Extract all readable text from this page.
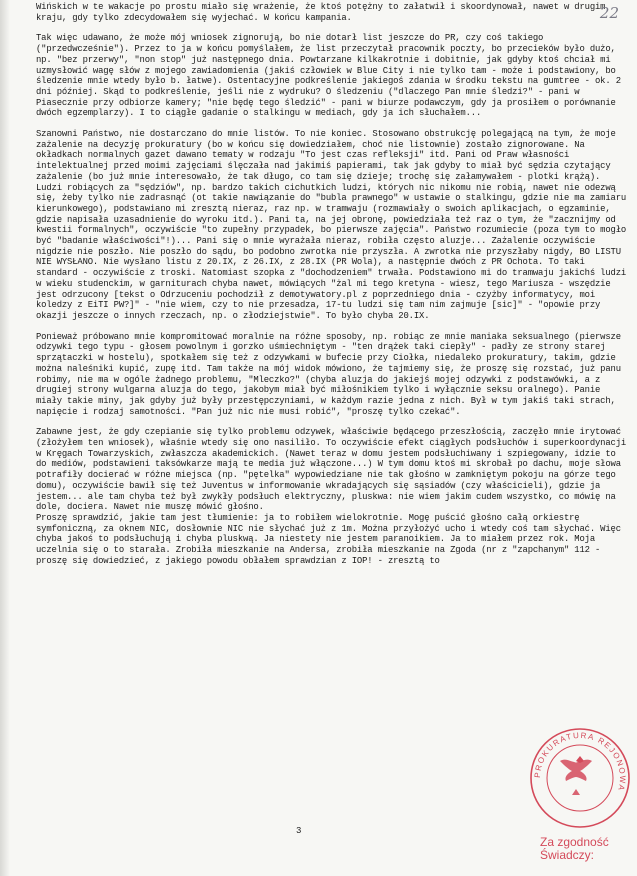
22

Wińskich w te wakacje po prostu miało się wrażenie, że ktoś potężny to załatwił i skoordynował, nawet w drugim kraju, gdy tylko zdecydowałem się wyjechać. W końcu kampania.

Tak więc udawano, że może mój wniosek zignorują, bo nie dotarł list jeszcze do PR, czy coś takiego ("przedwcześnie"). Przez to ja w końcu pomyślałem, że list przeczytał pracownik poczty, bo przecieków było dużo, np. "bez przerwy", "non stop" już następnego dnia. Powtarzane kilkakrotnie i dobitnie, jak gdyby ktoś chciał mi uzmysłowić wagę słów z mojego zawiadomienia (jakiś człowiek w Blue City i nie tylko tam - może i podstawiony, bo śledzenie mnie wtedy było b. łatwe). Ostentacyjne podkreślenie jakiegoś zdania w środku tekstu na gumtree - ok. 2 dni później. Skąd to podkreślenie, jeśli nie z wydruku? O śledzeniu ("dlaczego Pan mnie śledzi?" - pani w Piasecznie przy odbiorze kamery; "nie będę tego śledzić" - pani w biurze podawczym, gdy ja prosiłem o porównanie dwóch egzemplarzy). I to ciągłe gadanie o stalkingu w mediach, gdy ja ich słuchałem...

Szanowni Państwo, nie dostarczano do mnie listów. To nie koniec. Stosowano obstrukcję polegającą na tym, że moje zażalenie na decyzję prokuratury (bo w końcu się dowiedziałem, choć nie listownie) zostało zignorowane. Na okładkach normalnych gazet dawano tematy w rodzaju "To jest czas refleksji" itd. Pani od Praw własności intelektualnej przed moimi zajęciami ślęczała nad jakimiś papierami, tak jak gdyby to miał być sędzia czytający zażalenie (bo już mnie interesowało, że tak długo, co tam się dzieje; trochę się załamywałem - plotki krążą). Ludzi robiących za "sędziów", np. bardzo takich cichutkich ludzi, których nic nikomu nie robią, nawet nie odezwą się, żeby tylko nie zadrasnąć (ot takie nawiązanie do "bubla prawnego" w ustawie o stalkingu, gdzie nie ma zamiaru kierunkowego), podstawiano mi zresztą nieraz, raz np. w tramwaju (rozmawiały o swoich aplikacjach, o egzaminie, gdzie napisała uzasadnienie do wyroku itd.). Pani ta, na jej obronę, powiedziała też raz o tym, że "zacznijmy od kwestii formalnych", oczywiście "to zupełny przypadek, bo pierwsze zajęcia". Państwo rozumiecie (poza tym to mogło być "badanie właściwości"!)... Pani się o mnie wyrażała nieraz, robiła często aluzje... Zażalenie oczywiście nigdzie nie poszło. Nie poszło do sądu, bo podobno zwrotka nie przyszła. A zwrotka nie przyszłaby nigdy, BO LISTU NIE WYSŁANO. Nie wysłano listu z 20.IX, z 26.IX, z 28.IX (PR Wola), a następnie dwóch z PR Ochota. To taki standard - oczywiście z troski. Natomiast szopka z "dochodzeniem" trwała. Podstawiono mi do tramwaju jakichś ludzi w wieku studenckim, w garniturach chyba nawet, mówiących "żal mi tego kretyna - wiesz, tego Mariusza - wszędzie jest odrzucony [tekst o Odrzuceniu pochodził z demotywatory.pl z poprzedniego dnia - czyżby informatycy, moi koledzy z EiTI PW?]" - "nie wiem, czy to nie przesadza, 17-tu ludzi się tam nim zajmuje [sic]" - "opowie przy okazji jeszcze o innych rzeczach, np. o złodziejstwie". To było chyba 20.IX.

Ponieważ próbowano mnie kompromitować moralnie na różne sposoby, np. robiąc ze mnie maniaka seksualnego (pierwsze odzywki tego typu - głosem powolnym i gorzko uśmiechniętym - "ten drążek taki ciepły" - padły ze strony starej sprzątaczki w hostelu), spotkałem się też z odzywkami w bufecie przy Ciołka, niedaleko prokuratury, takim, gdzie można naleśniki kupić, zupę itd. Tam także na mój widok mówiono, że tajmiemy się, że proszę się rozstać, już panu robimy, nie ma w ogóle żadnego problemu, "Mleczko?" (chyba aluzja do jakiejś mojej odzywki z podstawówki, a z drugiej strony wulgarna aluzja do tego, jakobym miał być miłośnikiem tylko i wyłącznie seksu oralnego). Panie miały takie miny, jak gdyby już były przestępczyniami, w każdym razie jedna z nich. Był w tym jakiś taki strach, napięcie i rodzaj samotności. "Pan już nic nie musi robić", "proszę tylko czekać".

Zabawne jest, że gdy czepianie się tylko problemu odzywek, właściwie będącego przeszłością, zaczęło mnie irytować (złożyłem ten wniosek), właśnie wtedy się ono nasiliło. To oczywiście efekt ciągłych podsłuchów i superkoordynacji w Kręgach Towarzyskich, zwłaszcza akademickich. (Nawet teraz w domu jestem podsłuchiwany i szpiegowany, idzie to do mediów, podstawieni taksówkarze mają te media już włączone...) W tym domu ktoś mi skrobał po dachu, moje słowa potrafiły docierać w różne miejsca (np. "pętelka" wypowiedziane nie tak głośno w zamkniętym pokoju na górze tego domu), oczywiście bawił się też Juventus w informowanie wkradających się sąsiadów (czy właścicieli), gdzie ja jestem... ale tam chyba też był zwykły podsłuch elektryczny, pluskwa: nie wiem jakim cudem wszystko, co mówię na dole, dociera. Nawet nie muszę mówić głośno.

Proszę sprawdzić, jakie tam jest tłumienie: ja to robiłem wielokrotnie. Mogę puścić głośno całą orkiestrę symfoniczną, za oknem NIC, dosłownie NIC nie słychać już z 1m. Można przyłożyć ucho i wtedy coś tam słychać. Więc chyba jakoś to podsłuchują i chyba pluskwą. Ja niestety nie jestem paranoikiem. Ja to miałem przez rok. Moja uczelnia się o to starała. Zrobiła mieszkanie na Andersa, zrobiła mieszkanie na Zgoda (nr z "zapchanym" 112 - proszę się dowiedzieć, z jakiego powodu obłałem sprawdzian z IOP! - zresztą to

PROKURATURA REJONOWA
Za zgodność
Świadczy:
3
